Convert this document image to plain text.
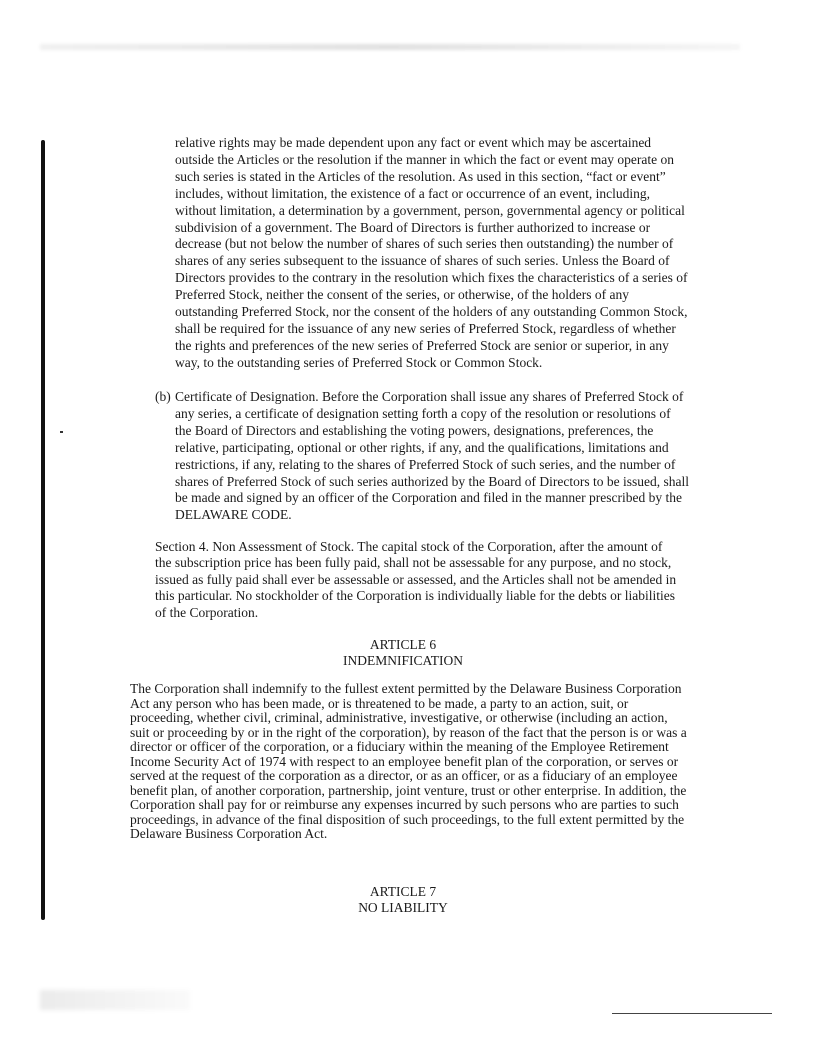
relative rights may be made dependent upon any fact or event which may be ascertained outside the Articles or the resolution if the manner in which the fact or event may operate on such series is stated in the Articles of the resolution. As used in this section, “fact or event” includes, without limitation, the existence of a fact or occurrence of an event, including, without limitation, a determination by a government, person, governmental agency or political subdivision of a government. The Board of Directors is further authorized to increase or decrease (but not below the number of shares of such series then outstanding) the number of shares of any series subsequent to the issuance of shares of such series. Unless the Board of Directors provides to the contrary in the resolution which fixes the characteristics of a series of Preferred Stock, neither the consent of the series, or otherwise, of the holders of any outstanding Preferred Stock, nor the consent of the holders of any outstanding Common Stock, shall be required for the issuance of any new series of Preferred Stock, regardless of whether the rights and preferences of the new series of Preferred Stock are senior or superior, in any way, to the outstanding series of Preferred Stock or Common Stock.

(b) Certificate of Designation. Before the Corporation shall issue any shares of Preferred Stock of any series, a certificate of designation setting forth a copy of the resolution or resolutions of the Board of Directors and establishing the voting powers, designations, preferences, the relative, participating, optional or other rights, if any, and the qualifications, limitations and restrictions, if any, relating to the shares of Preferred Stock of such series, and the number of shares of Preferred Stock of such series authorized by the Board of Directors to be issued, shall be made and signed by an officer of the Corporation and filed in the manner prescribed by the DELAWARE CODE.

Section 4. Non Assessment of Stock. The capital stock of the Corporation, after the amount of the subscription price has been fully paid, shall not be assessable for any purpose, and no stock, issued as fully paid shall ever be assessable or assessed, and the Articles shall not be amended in this particular. No stockholder of the Corporation is individually liable for the debts or liabilities of the Corporation.

ARTICLE 6
INDEMNIFICATION

The Corporation shall indemnify to the fullest extent permitted by the Delaware Business Corporation Act any person who has been made, or is threatened to be made, a party to an action, suit, or proceeding, whether civil, criminal, administrative, investigative, or otherwise (including an action, suit or proceeding by or in the right of the corporation), by reason of the fact that the person is or was a director or officer of the corporation, or a fiduciary within the meaning of the Employee Retirement Income Security Act of 1974 with respect to an employee benefit plan of the corporation, or serves or served at the request of the corporation as a director, or as an officer, or as a fiduciary of an employee benefit plan, of another corporation, partnership, joint venture, trust or other enterprise. In addition, the Corporation shall pay for or reimburse any expenses incurred by such persons who are parties to such proceedings, in advance of the final disposition of such proceedings, to the full extent permitted by the Delaware Business Corporation Act.

ARTICLE 7
NO LIABILITY
